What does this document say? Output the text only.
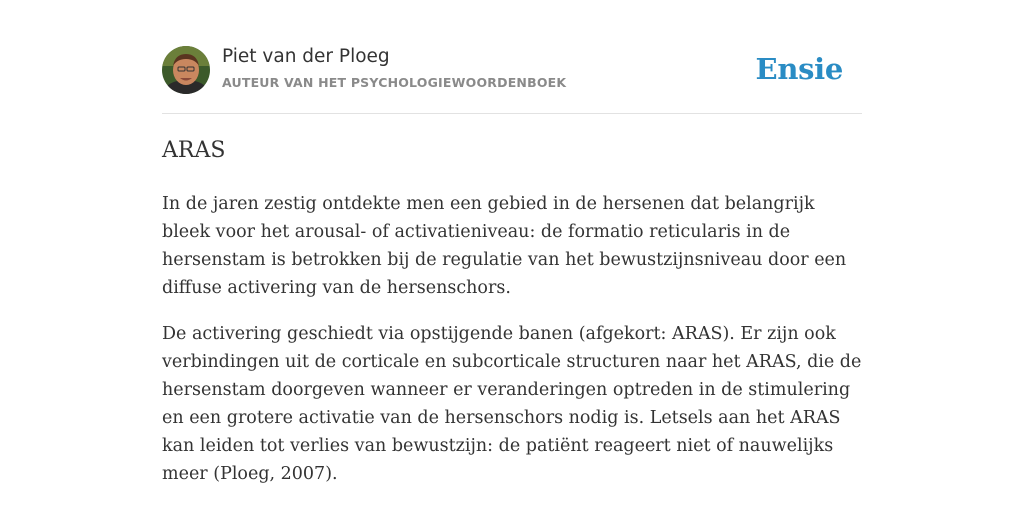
Piet van der Ploeg
AUTEUR VAN HET PSYCHOLOGIEWOORDENBOEK	Ensie
ARAS

In de jaren zestig ontdekte men een gebied in de hersenen dat belangrijk bleek voor het arousal- of activatieniveau: de formatio reticularis in de hersenstam is betrokken bij de regulatie van het bewustzijnsniveau door een diffuse activering van de hersenschors.

De activering geschiedt via opstijgende banen (afgekort: ARAS). Er zijn ook verbindingen uit de corticale en subcorticale structuren naar het ARAS, die de hersenstam doorgeven wanneer er veranderingen optreden in de stimulering en een grotere activatie van de hersenschors nodig is. Letsels aan het ARAS kan leiden tot verlies van bewustzijn: de patiënt reageert niet of nauwelijks meer (Ploeg, 2007).
